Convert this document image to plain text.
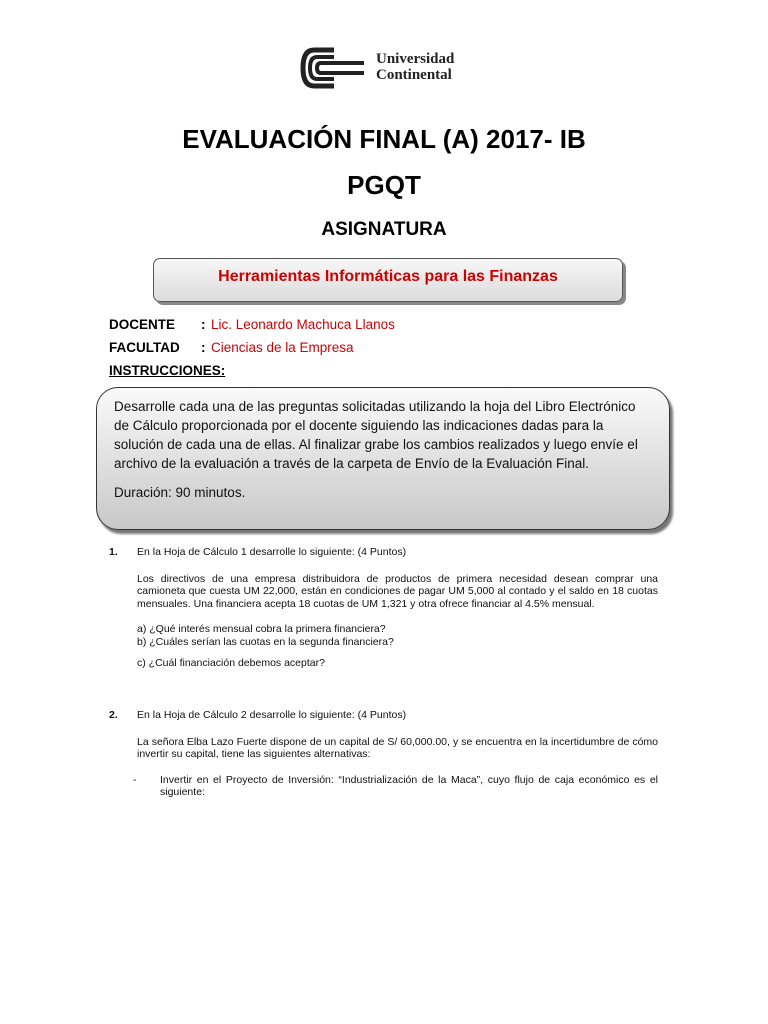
Universidad
Continental
EVALUACIÓN FINAL (A) 2017- IB
PGQT
ASIGNATURA
Herramientas Informáticas para las Finanzas
DOCENTE : Lic. Leonardo Machuca Llanos
FACULTAD : Ciencias de la Empresa
INSTRUCCIONES:

Desarrolle cada una de las preguntas solicitadas utilizando la hoja del Libro Electrónico de Cálculo proporcionada por el docente siguiendo las indicaciones dadas para la solución de cada una de ellas. Al finalizar grabe los cambios realizados y luego envíe el archivo de la evaluación a través de la carpeta de Envío de la Evaluación Final.

Duración: 90 minutos.

1. En la Hoja de Cálculo 1 desarrolle lo siguiente: (4 Puntos)

Los directivos de una empresa distribuidora de productos de primera necesidad desean comprar una camioneta que cuesta UM 22,000, están en condiciones de pagar UM 5,000 al contado y el saldo en 18 cuotas mensuales. Una financiera acepta 18 cuotas de UM 1,321 y otra ofrece financiar al 4.5% mensual.

a) ¿Qué interés mensual cobra la primera financiera?

b) ¿Cuáles serían las cuotas en la segunda financiera?

c) ¿Cuál financiación debemos aceptar?

2. En la Hoja de Cálculo 2 desarrolle lo siguiente: (4 Puntos)

La señora Elba Lazo Fuerte dispone de un capital de S/ 60,000.00, y se encuentra en la incertidumbre de cómo invertir su capital, tiene las siguientes alternativas:

-	Invertir en el Proyecto de Inversión: “Industrialización de la Maca”, cuyo flujo de caja económico es el siguiente:
